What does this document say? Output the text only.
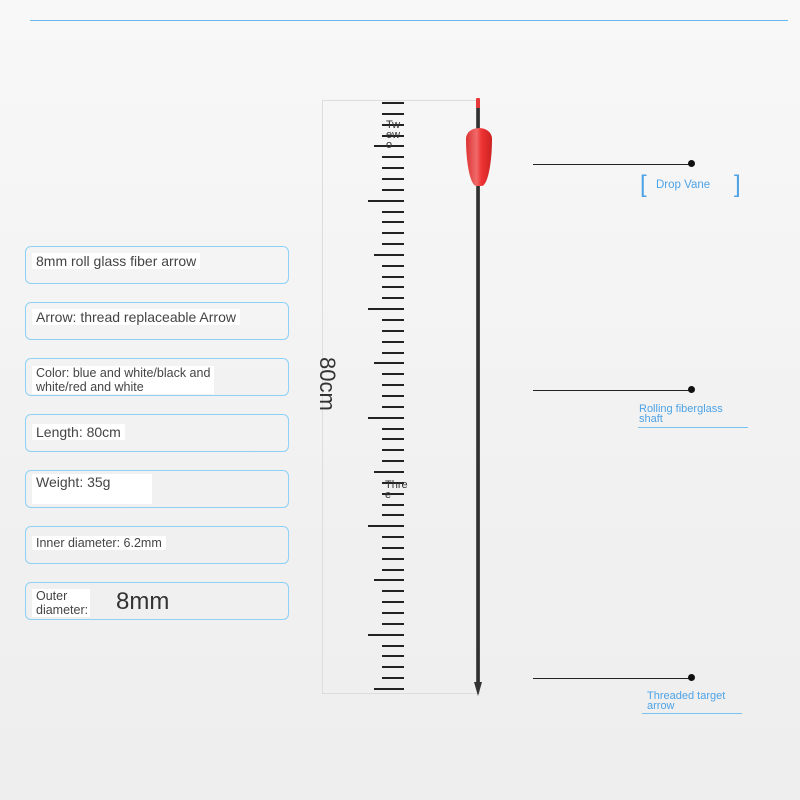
8mm roll glass fiber arrow
Arrow: thread replaceable Arrow
Color: blue and white/black and
white/red and white
Length: 80cm
Weight: 35g
Inner diameter: 6.2mm
Outer
diameter: 8mm
80cm
Tw
ew
o
Thre
e
[ Drop Vane ]
Rolling fiberglass
shaft
Threaded target
arrow
